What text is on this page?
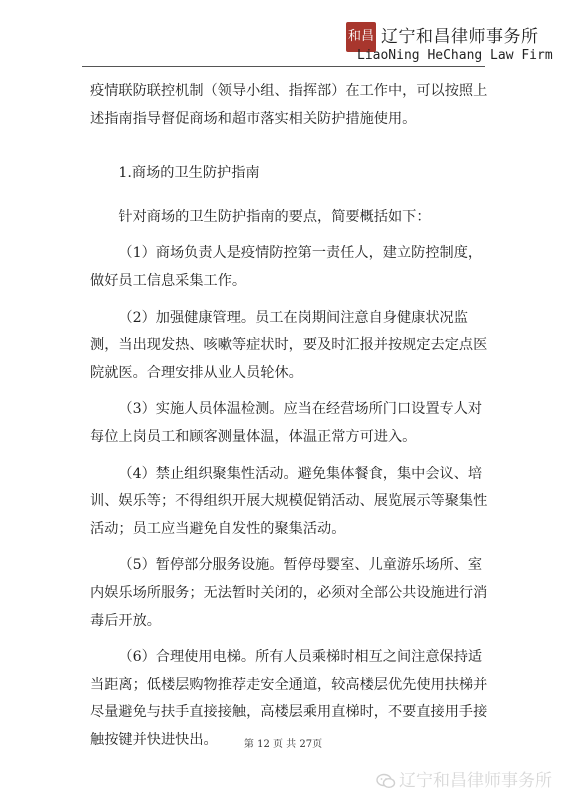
和昌 辽宁和昌律师事务所
LiaoNing HeChang Law Firm

疫情联防联控机制（领导小组、指挥部）在工作中，可以按照上述指南指导督促商场和超市落实相关防护措施使用。

1.商场的卫生防护指南

针对商场的卫生防护指南的要点，简要概括如下：

（1）商场负责人是疫情防控第一责任人，建立防控制度，做好员工信息采集工作。

（2）加强健康管理。员工在岗期间注意自身健康状况监测，当出现发热、咳嗽等症状时，要及时汇报并按规定去定点医院就医。合理安排从业人员轮休。

（3）实施人员体温检测。应当在经营场所门口设置专人对每位上岗员工和顾客测量体温，体温正常方可进入。

（4）禁止组织聚集性活动。避免集体餐食，集中会议、培训、娱乐等；不得组织开展大规模促销活动、展览展示等聚集性活动；员工应当避免自发性的聚集活动。

（5）暂停部分服务设施。暂停母婴室、儿童游乐场所、室内娱乐场所服务；无法暂时关闭的，必须对全部公共设施进行消毒后开放。

（6）合理使用电梯。所有人员乘梯时相互之间注意保持适当距离；低楼层购物推荐走安全通道，较高楼层优先使用扶梯并尽量避免与扶手直接接触，高楼层乘用直梯时，不要直接用手接触按键并快进快出。	第 12 页 共 27页
辽宁和昌律师事务所
